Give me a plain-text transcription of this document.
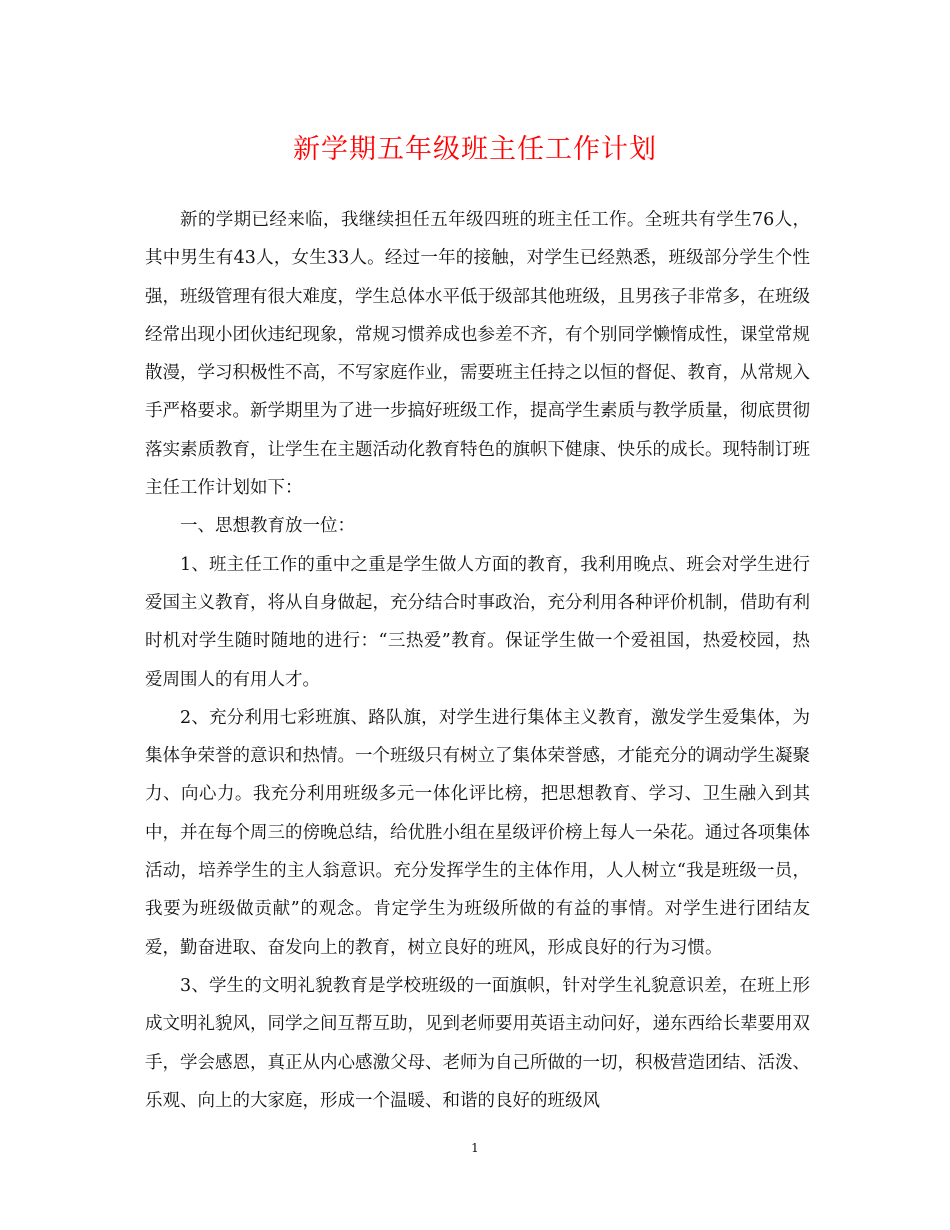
新学期五年级班主任工作计划

新的学期已经来临，我继续担任五年级四班的班主任工作。全班共有学生76人，其中男生有43人，女生33人。经过一年的接触，对学生已经熟悉，班级部分学生个性强，班级管理有很大难度，学生总体水平低于级部其他班级，且男孩子非常多，在班级经常出现小团伙违纪现象，常规习惯养成也参差不齐，有个别同学懒惰成性，课堂常规散漫，学习积极性不高，不写家庭作业，需要班主任持之以恒的督促、教育，从常规入手严格要求。新学期里为了进一步搞好班级工作，提高学生素质与教学质量，彻底贯彻落实素质教育，让学生在主题活动化教育特色的旗帜下健康、快乐的成长。现特制订班主任工作计划如下：

一、思想教育放一位：

1、班主任工作的重中之重是学生做人方面的教育，我利用晚点、班会对学生进行爱国主义教育，将从自身做起，充分结合时事政治，充分利用各种评价机制，借助有利时机对学生随时随地的进行：“三热爱”教育。保证学生做一个爱祖国，热爱校园，热爱周围人的有用人才。

2、充分利用七彩班旗、路队旗，对学生进行集体主义教育，激发学生爱集体，为集体争荣誉的意识和热情。一个班级只有树立了集体荣誉感，才能充分的调动学生凝聚力、向心力。我充分利用班级多元一体化评比榜，把思想教育、学习、卫生融入到其中，并在每个周三的傍晚总结，给优胜小组在星级评价榜上每人一朵花。通过各项集体活动，培养学生的主人翁意识。充分发挥学生的主体作用，人人树立“我是班级一员，我要为班级做贡献”的观念。肯定学生为班级所做的有益的事情。对学生进行团结友爱，勤奋进取、奋发向上的教育，树立良好的班风，形成良好的行为习惯。

3、学生的文明礼貌教育是学校班级的一面旗帜，针对学生礼貌意识差，在班上形成文明礼貌风，同学之间互帮互助，见到老师要用英语主动问好，递东西给长辈要用双手，学会感恩，真正从内心感激父母、老师为自己所做的一切，积极营造团结、活泼、乐观、向上的大家庭，形成一个温暖、和谐的良好的班级风

1
